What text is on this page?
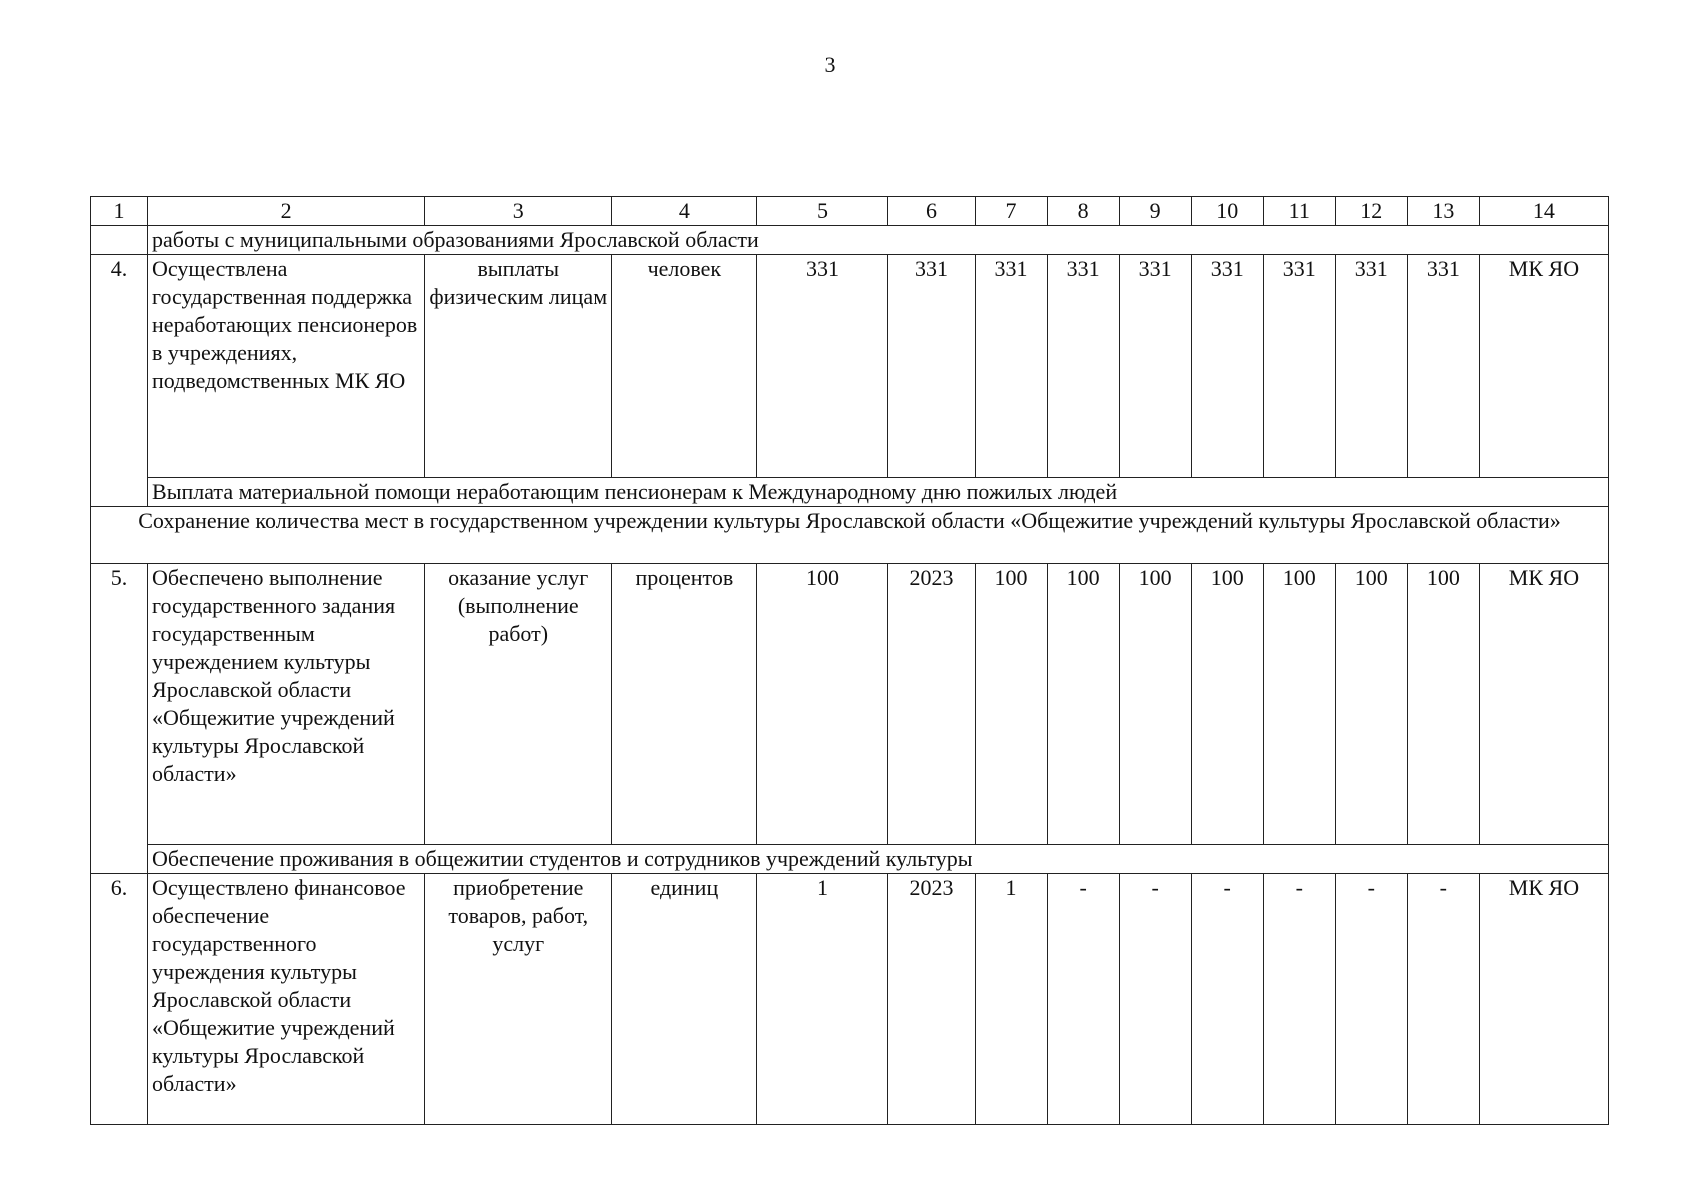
3
1	2	3	4	5	6	7	8	9	10	11	12	13	14
	работы с муниципальными образованиями Ярославской области												
4.	Осуществлена государственная поддержка неработающих пенсионеров в учреждениях, подведомственных МК ЯО	выплаты физическим лицам	человек	331	331	331	331	331	331	331	331	331	МК ЯО
	Выплата материальной помощи неработающим пенсионерам к Международному дню пожилых людей												
Сохранение количества мест в государственном учреждении культуры Ярославской области «Общежитие учреждений культуры Ярославской области»													
5.	Обеспечено выполнение государственного задания государственным учреждением культуры Ярославской области «Общежитие учреждений культуры Ярославской области»	оказание услуг (выполнение работ)	процентов	100	2023	100	100	100	100	100	100	100	МК ЯО
	Обеспечение проживания в общежитии студентов и сотрудников учреждений культуры												
6.	Осуществлено финансовое обеспечение государственного учреждения культуры Ярославской области «Общежитие учреждений культуры Ярославской области»	приобретение товаров, работ, услуг	единиц	1	2023	1	-	-	-	-	-	-	МК ЯО
